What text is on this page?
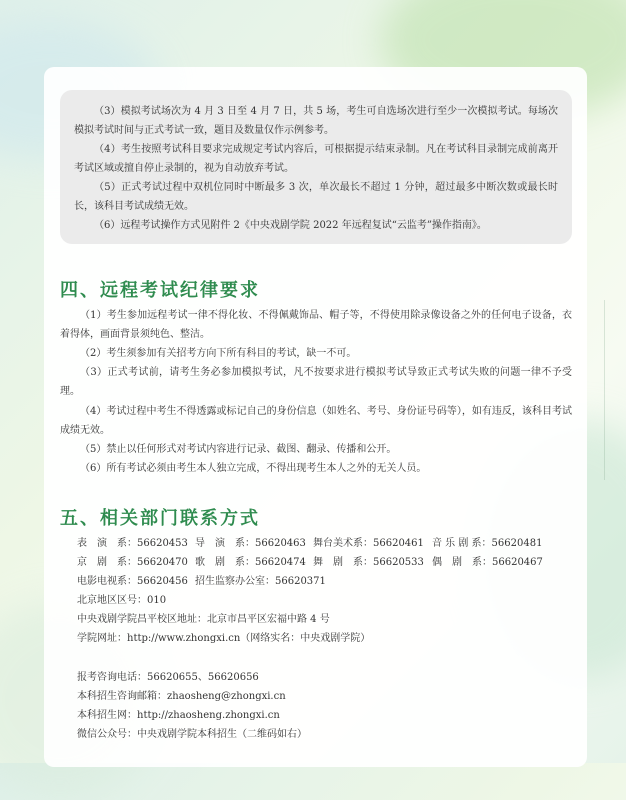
（3）模拟考试场次为 4 月 3 日至 4 月 7 日，共 5 场，考生可自选场次进行至少一次模拟考试。每场次模拟考试时间与正式考试一致，题目及数量仅作示例参考。

（4）考生按照考试科目要求完成规定考试内容后，可根据提示结束录制。凡在考试科目录制完成前离开考试区域或擅自停止录制的，视为自动放弃考试。

（5）正式考试过程中双机位同时中断最多 3 次，单次最长不超过 1 分钟，超过最多中断次数或最长时长，该科目考试成绩无效。

（6）远程考试操作方式见附件 2《中央戏剧学院 2022 年远程复试“云监考”操作指南》。

四、远程考试纪律要求

（1）考生参加远程考试一律不得化妆、不得佩戴饰品、帽子等，不得使用除录像设备之外的任何电子设备，衣着得体，画面背景须纯色、整洁。

（2）考生须参加有关招考方向下所有科目的考试，缺一不可。

（3）正式考试前，请考生务必参加模拟考试，凡不按要求进行模拟考试导致正式考试失败的问题一律不予受理。

（4）考试过程中考生不得透露或标记自己的身份信息（如姓名、考号、身份证号码等），如有违反，该科目考试成绩无效。

（5）禁止以任何形式对考试内容进行记录、截图、翻录、传播和公开。

（6）所有考试必须由考生本人独立完成，不得出现考生本人之外的无关人员。

五、相关部门联系方式
表　演　系：56620453 导　演　系：56620463 舞台美术系：56620461 音 乐 剧 系：56620481
京　剧　系：56620470 歌　剧　系：56620474 舞　剧　系：56620533 偶　剧　系：56620467
电影电视系：56620456 招生监察办公室：56620371
北京地区区号：010
中央戏剧学院昌平校区地址：北京市昌平区宏福中路 4 号
学院网址：http://www.zhongxi.cn（网络实名：中央戏剧学院）
报考咨询电话：56620655、56620656
本科招生咨询邮箱：zhaosheng@zhongxi.cn
本科招生网：http://zhaosheng.zhongxi.cn
微信公众号：中央戏剧学院本科招生（二维码如右）
